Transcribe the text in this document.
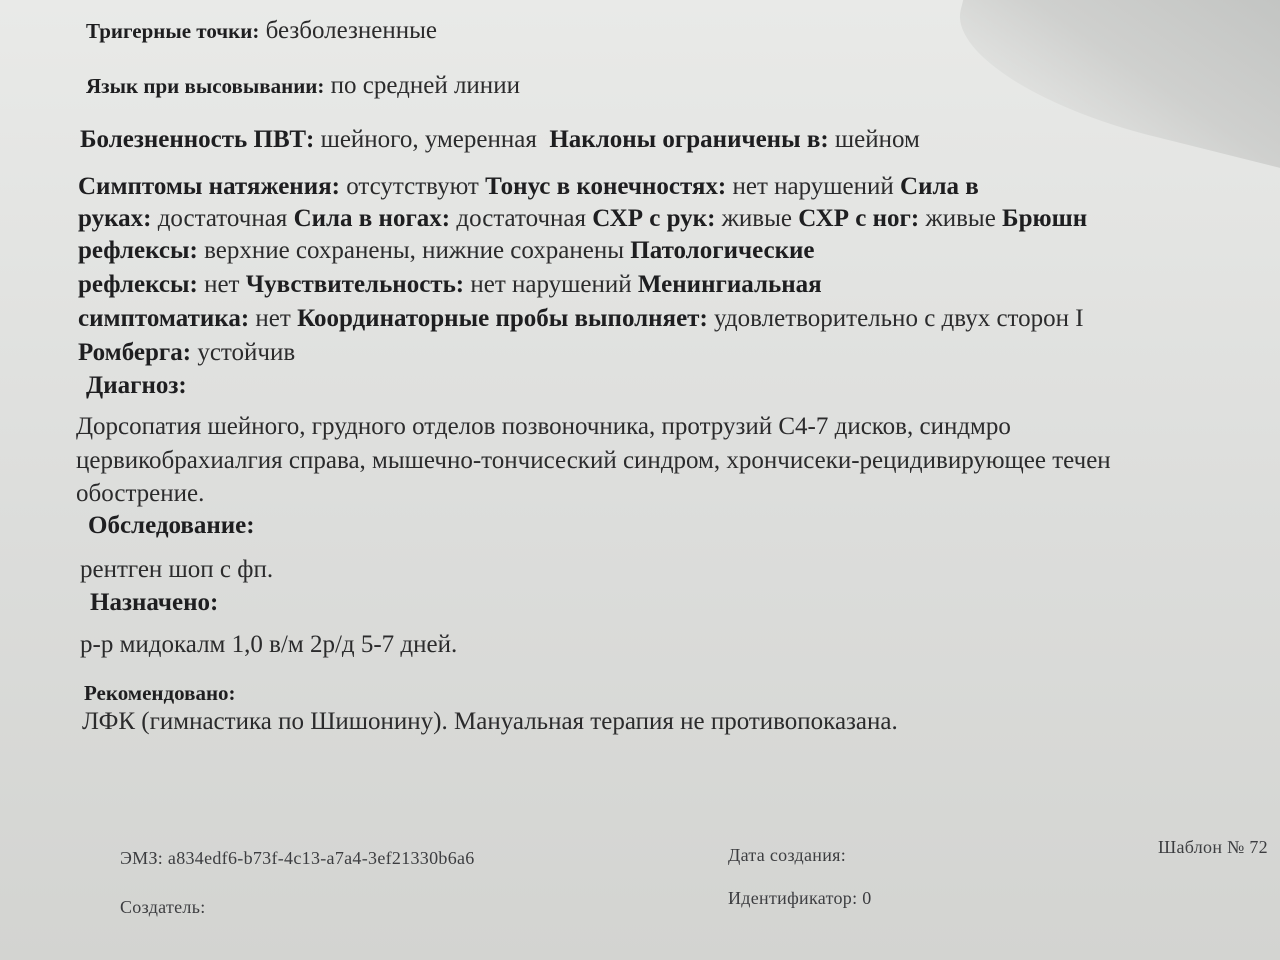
Тригерные точки: безболезненные
Язык при высовывании: по средней линии
Болезненность ПВТ: шейного, умеренная Наклоны ограничены в: шейном
Симптомы натяжения: отсутствуют Тонус в конечностях: нет нарушений Сила в
руках: достаточная Сила в ногах: достаточная СХР с рук: живые СХР с ног: живые Брюшн
рефлексы: верхние сохранены, нижние сохранены Патологические
рефлексы: нет Чувствительность: нет нарушений Менингиальная
симптоматика: нет Координаторные пробы выполняет: удовлетворительно с двух сторон I
Ромберга: устойчив
Диагноз:
Дорсопатия шейного, грудного отделов позвоночника, протрузий С4-7 дисков, синдмро
цервикобрахиалгия справа, мышечно-тончисеский синдром, хрончисеки-рецидивирующее течен
обострение.
Обследование:
рентген шоп с фп.
Назначено:
р-р мидокалм 1,0 в/м 2р/д 5-7 дней.
Рекомендовано:
ЛФК (гимнастика по Шишонину). Мануальная терапия не противопоказана.
ЭМЗ: a834edf6-b73f-4c13-a7a4-3ef21330b6a6	Дата создания:	Шаблон № 72
Создатель:	Идентификатор: 0
